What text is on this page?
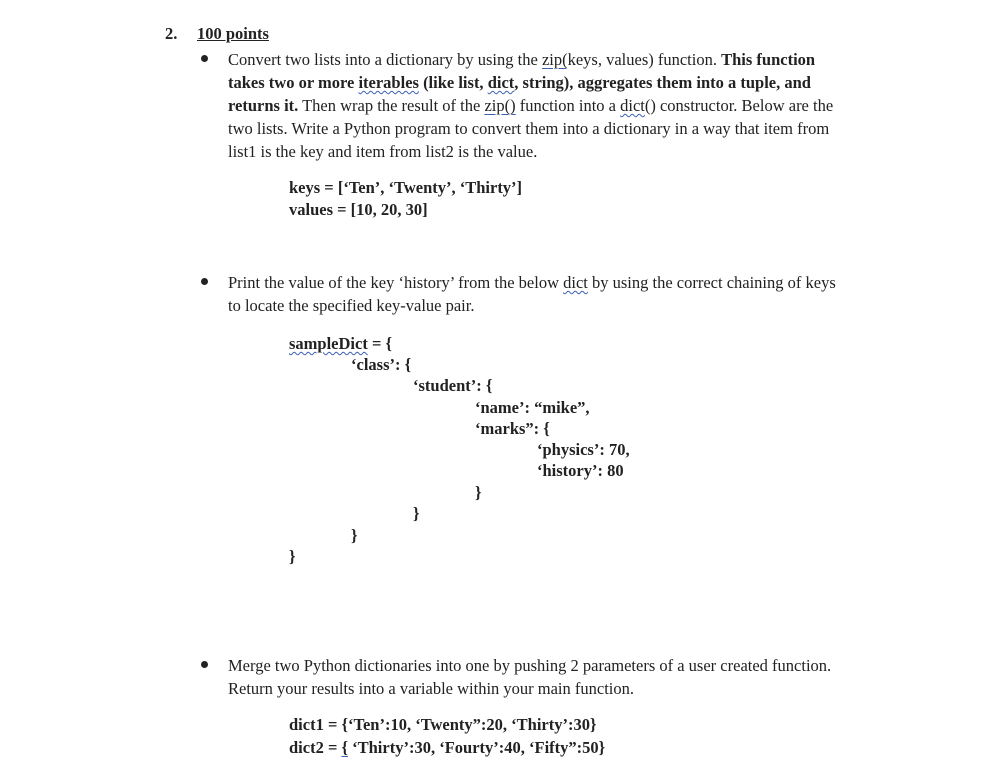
2. 100 points
Convert two lists into a dictionary by using the zip(keys, values) function. This function
takes two or more iterables (like list, dict, string), aggregates them into a tuple, and
returns it. Then wrap the result of the zip() function into a dict() constructor. Below are the
two lists. Write a Python program to convert them into a dictionary in a way that item from
list1 is the key and item from list2 is the value.
keys = [‘Ten’, ‘Twenty’, ‘Thirty’]
values = [10, 20, 30]
Print the value of the key ‘history’ from the below dict by using the correct chaining of keys
to locate the specified key-value pair.
sampleDict = {
‘class’: {
‘student’: {
‘name’: “mike”,
‘marks”: {
‘physics’: 70,
‘history’: 80
}
}
}
}
Merge two Python dictionaries into one by pushing 2 parameters of a user created function.
Return your results into a variable within your main function.
dict1 = {‘Ten’:10, ‘Twenty”:20, ‘Thirty’:30}
dict2 = { ‘Thirty’:30, ‘Fourty’:40, ‘Fifty”:50}
